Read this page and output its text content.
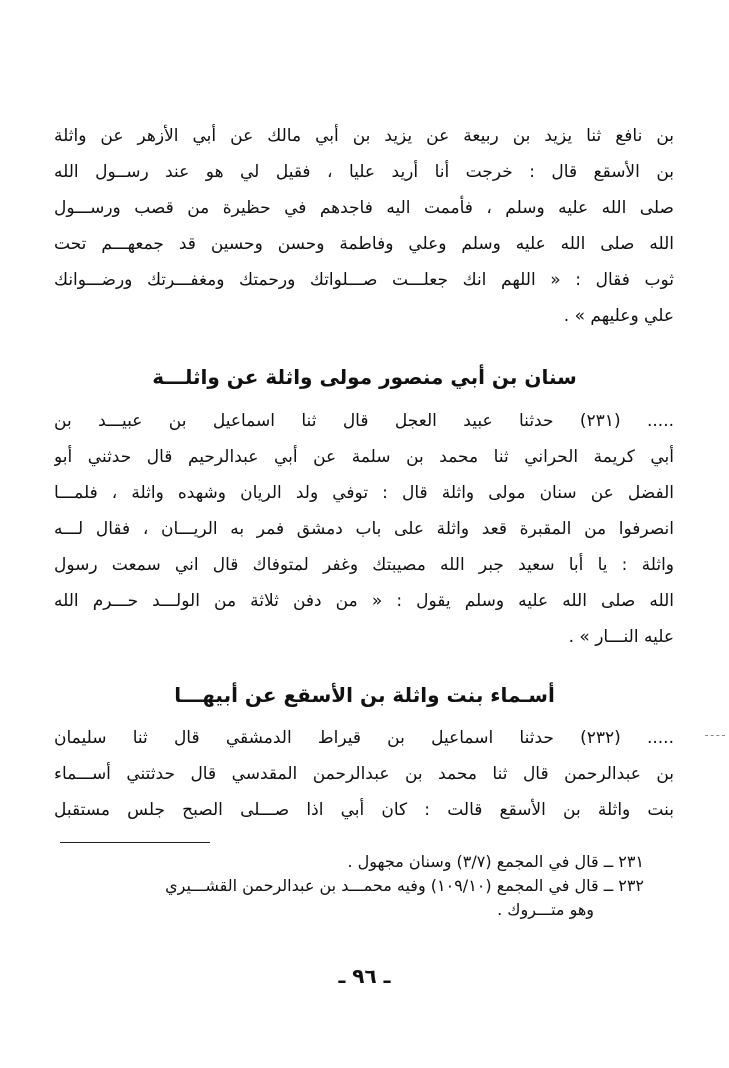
بن نافع ثنا يزيد بن ربيعة عن يزيد بن أبي مالك عن أبي الأزهر عن واثلة
بن الأسقع قال : خرجت أنا أريد عليا ، فقيل لي هو عند رســول الله
صلى الله عليه وسلم ، فأممت اليه فاجدهم في حظيرة من قصب ورســـول
الله صلى الله عليه وسلم وعلي وفاطمة وحسن وحسين قد جمعهـــم تحت
ثوب فقال : « اللهم انك جعلـــت صـــلواتك ورحمتك ومغفـــرتك ورضـــوانك
علي وعليهم » .
سنان بن أبي منصور مولى واثلة عن واثلـــة
..... (٢٣١) حدثنا عبيد العجل قال ثنا اسماعيل بن عبيـــد بن
أبي كريمة الحراني ثنا محمد بن سلمة عن أبي عبدالرحيم قال حدثني أبو
الفضل عن سنان مولى واثلة قال : توفي ولد الريان وشهده واثلة ، فلمـــا
انصرفوا من المقبرة قعد واثلة على باب دمشق فمر به الريـــان ، فقال لـــه
واثلة : يا أبا سعيد جبر الله مصيبتك وغفر لمتوفاك قال اني سمعت رسول
الله صلى الله عليه وسلم يقول : « من دفن ثلاثة من الولـــد حـــرم الله
عليه النـــار » .
أسـماء بنت واثلة بن الأسقع عن أبيهـــا
..... (٢٣٢) حدثنا اسماعيل بن قيراط الدمشقي قال ثنا سليمان
بن عبدالرحمن قال ثنا محمد بن عبدالرحمن المقدسي قال حدثتني أســـماء
بنت واثلة بن الأسقع قالت : كان أبي اذا صـــلى الصبح جلس مستقبل
٢٣١ ــ قال في المجمع (٣/٧) وسنان مجهول .
٢٣٢ ــ قال في المجمع (١٠٩/١٠) وفيه محمـــد بن عبدالرحمن القشـــيري
وهو متـــروك .
ـ ٩٦ ـ
